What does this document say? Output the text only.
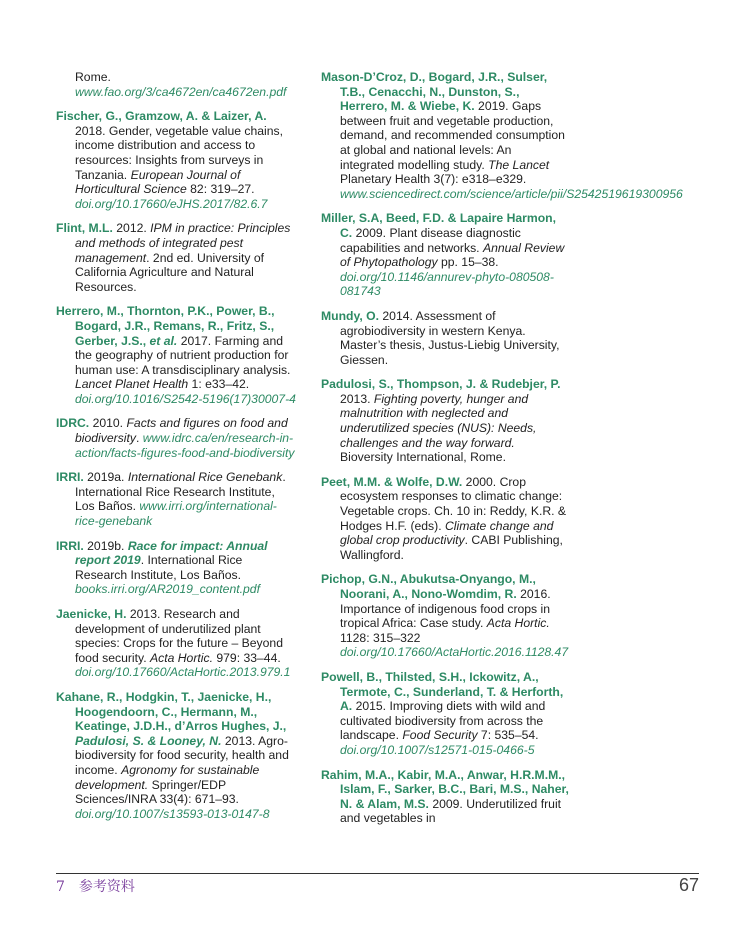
Rome. www.fao.org/3/ca4672en/ca4672en.pdf

Fischer, G., Gramzow, A. & Laizer, A. 2018. Gender, vegetable value chains, income distribution and access to resources: Insights from surveys in Tanzania. European Journal of Horticultural Science 82: 319–27. doi.org/10.17660/eJHS.2017/82.6.7

Flint, M.L. 2012. IPM in practice: Principles and methods of integrated pest management. 2nd ed. University of California Agriculture and Natural Resources.

Herrero, M., Thornton, P.K., Power, B., Bogard, J.R., Remans, R., Fritz, S., Gerber, J.S., et al. 2017. Farming and the geography of nutrient production for human use: A transdisciplinary analysis. Lancet Planet Health 1: e33–42. doi.org/10.1016/S2542-5196(17)30007-4

IDRC. 2010. Facts and figures on food and biodiversity. www.idrc.ca/en/research-in-action/facts-figures-food-and-biodiversity

IRRI. 2019a. International Rice Genebank. International Rice Research Institute, Los Baños. www.irri.org/international-rice-genebank

IRRI. 2019b. Race for impact: Annual report 2019. International Rice Research Institute, Los Baños. books.irri.org/AR2019_content.pdf

Jaenicke, H. 2013. Research and development of underutilized plant species: Crops for the future – Beyond food security. Acta Hortic. 979: 33–44. doi.org/10.17660/ActaHortic.2013.979.1

Kahane, R., Hodgkin, T., Jaenicke, H., Hoogendoorn, C., Hermann, M., Keatinge, J.D.H., d’Arros Hughes, J., Padulosi, S. & Looney, N. 2013. Agro-biodiversity for food security, health and income. Agronomy for sustainable development. Springer/EDP Sciences/INRA 33(4): 671–93. doi.org/10.1007/s13593-013-0147-8

Mason-D’Croz, D., Bogard, J.R., Sulser, T.B., Cenacchi, N., Dunston, S., Herrero, M. & Wiebe, K. 2019. Gaps between fruit and vegetable production, demand, and recommended consumption at global and national levels: An integrated modelling study. The Lancet Planetary Health 3(7): e318–e329. www.sciencedirect.com/science/article/pii/S2542519619300956

Miller, S.A, Beed, F.D. & Lapaire Harmon, C. 2009. Plant disease diagnostic capabilities and networks. Annual Review of Phytopathology pp. 15–38. doi.org/10.1146/annurev-phyto-080508-081743

Mundy, O. 2014. Assessment of agrobiodiversity in western Kenya. Master’s thesis, Justus-Liebig University, Giessen.

Padulosi, S., Thompson, J. & Rudebjer, P. 2013. Fighting poverty, hunger and malnutrition with neglected and underutilized species (NUS): Needs, challenges and the way forward. Bioversity International, Rome.

Peet, M.M. & Wolfe, D.W. 2000. Crop ecosystem responses to climatic change: Vegetable crops. Ch. 10 in: Reddy, K.R. & Hodges H.F. (eds). Climate change and global crop productivity. CABI Publishing, Wallingford.

Pichop, G.N., Abukutsa-Onyango, M., Noorani, A., Nono-Womdim, R. 2016. Importance of indigenous food crops in tropical Africa: Case study. Acta Hortic. 1128: 315–322 doi.org/10.17660/ActaHortic.2016.1128.47

Powell, B., Thilsted, S.H., Ickowitz, A., Termote, C., Sunderland, T. & Herforth, A. 2015. Improving diets with wild and cultivated biodiversity from across the landscape. Food Security 7: 535–54. doi.org/10.1007/s12571-015-0466-5

Rahim, M.A., Kabir, M.A., Anwar, H.R.M.M., Islam, F., Sarker, B.C., Bari, M.S., Naher, N. & Alam, M.S. 2009. Underutilized fruit and vegetables in

7 参考资料	67
